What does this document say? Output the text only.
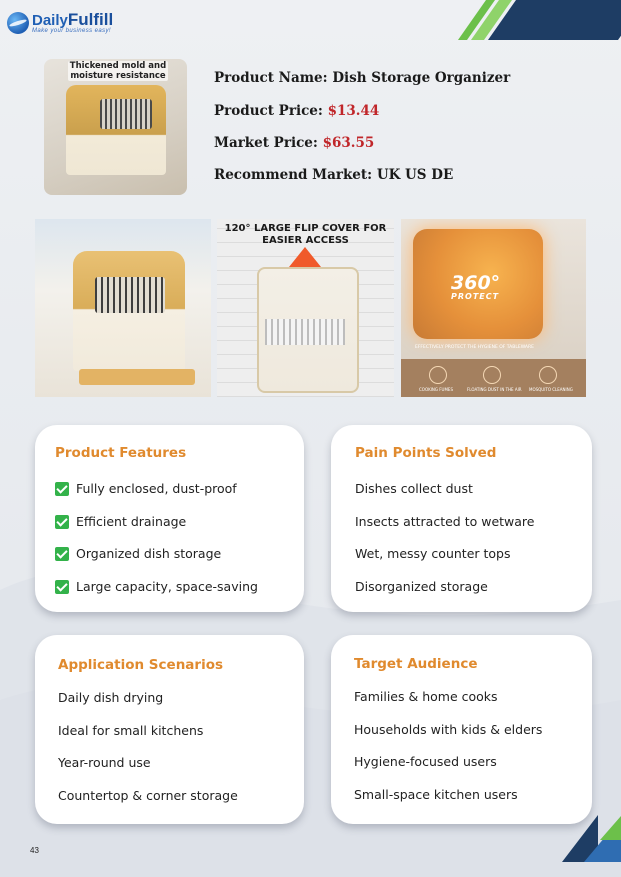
DailyFulfill
Make your business easy!
Thickened mold and moisture resistance	Product Name: Dish Storage Organizer
Product Price: $13.44
Market Price: $63.55
Recommend Market: UK US DE
120° LARGE FLIP COVER FOR EASIER ACCESS
360°
PROTECT
EFFECTIVELY PROTECT THE HYGIENE OF TABLEWARE
COOKING FUMES	FLOATING DUST IN THE AIR MOSQUITO CLEANING
Product Features
Fully enclosed, dust-proof
Efficient drainage
Organized dish storage
Large capacity, space-saving
Pain Points Solved
Dishes collect dust
Insects attracted to wetware
Wet, messy counter tops
Disorganized storage
Application Scenarios
Daily dish drying
Ideal for small kitchens
Year-round use
Countertop & corner storage
Target Audience
Families & home cooks
Households with kids & elders
Hygiene-focused users
Small-space kitchen users
43
